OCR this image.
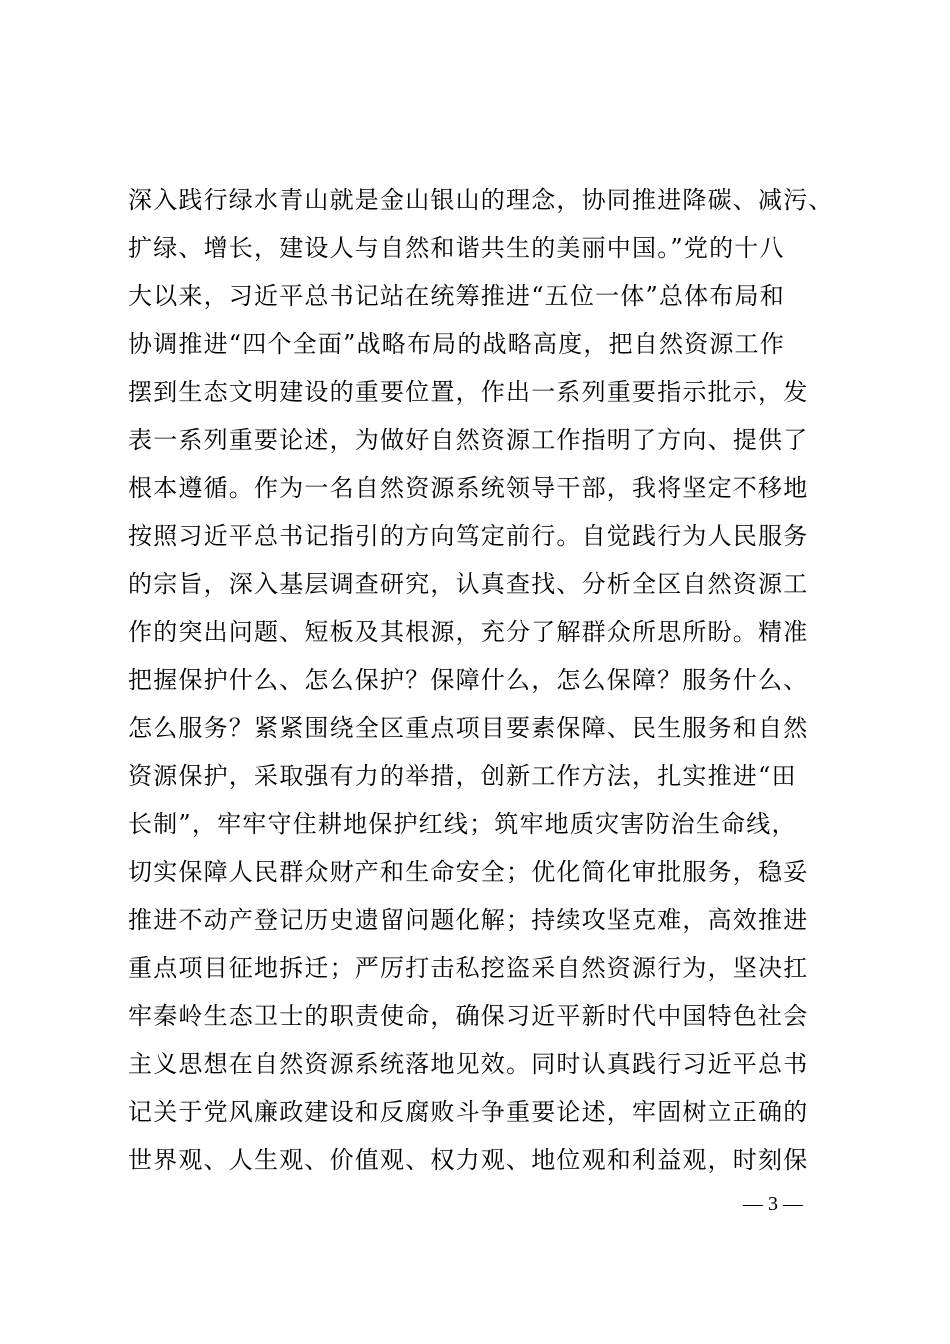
深入践行绿水青山就是金山银山的理念，协同推进降碳、减污、
扩绿、增长，建设人与自然和谐共生的美丽中国。”党的十八
大以来，习近平总书记站在统筹推进“五位一体”总体布局和
协调推进“四个全面”战略布局的战略高度，把自然资源工作
摆到生态文明建设的重要位置，作出一系列重要指示批示，发
表一系列重要论述，为做好自然资源工作指明了方向、提供了
根本遵循。作为一名自然资源系统领导干部，我将坚定不移地
按照习近平总书记指引的方向笃定前行。自觉践行为人民服务
的宗旨，深入基层调查研究，认真查找、分析全区自然资源工
作的突出问题、短板及其根源，充分了解群众所思所盼。精准
把握保护什么、怎么保护？保障什么，怎么保障？服务什么、
怎么服务？紧紧围绕全区重点项目要素保障、民生服务和自然
资源保护，采取强有力的举措，创新工作方法，扎实推进“田
长制”，牢牢守住耕地保护红线；筑牢地质灾害防治生命线，
切实保障人民群众财产和生命安全；优化简化审批服务，稳妥
推进不动产登记历史遗留问题化解；持续攻坚克难，高效推进
重点项目征地拆迁；严厉打击私挖盗采自然资源行为，坚决扛
牢秦岭生态卫士的职责使命，确保习近平新时代中国特色社会
主义思想在自然资源系统落地见效。同时认真践行习近平总书
记关于党风廉政建设和反腐败斗争重要论述，牢固树立正确的
世界观、人生观、价值观、权力观、地位观和利益观，时刻保
— 3 —
